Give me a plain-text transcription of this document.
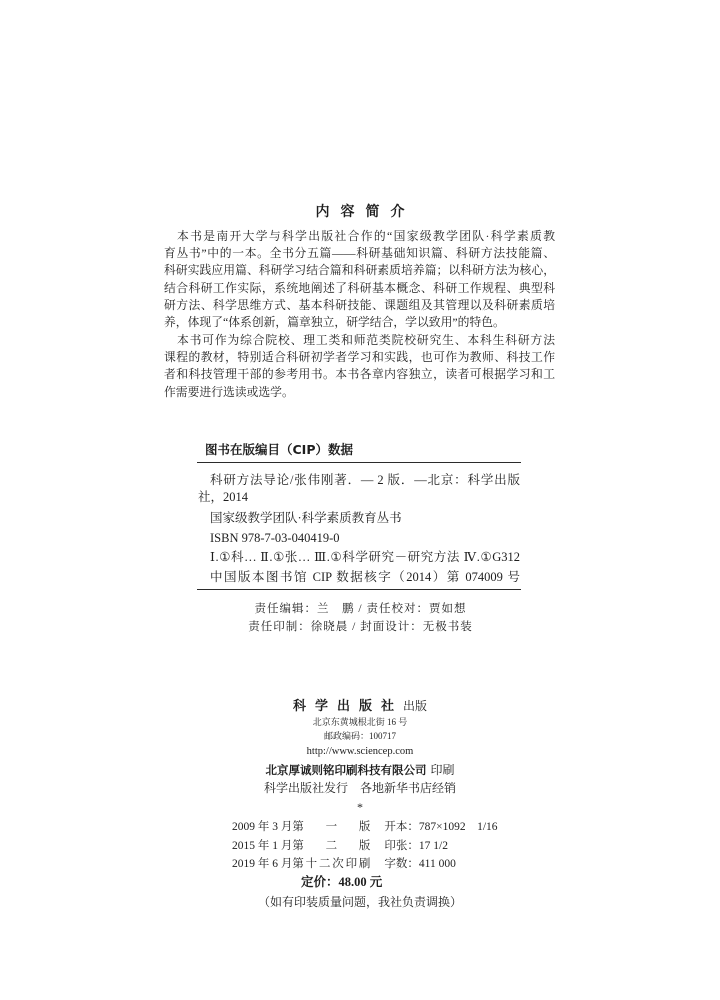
内容简介
本书是南开大学与科学出版社合作的“国家级教学团队·科学素质教
育丛书”中的一本。全书分五篇——科研基础知识篇、科研方法技能篇、
科研实践应用篇、科研学习结合篇和科研素质培养篇；以科研方法为核心，
结合科研工作实际，系统地阐述了科研基本概念、科研工作规程、典型科
研方法、科学思维方式、基本科研技能、课题组及其管理以及科研素质培
养，体现了“体系创新，篇章独立，研学结合，学以致用”的特色。
本书可作为综合院校、理工类和师范类院校研究生、本科生科研方法
课程的教材，特别适合科研初学者学习和实践，也可作为教师、科技工作
者和科技管理干部的参考用书。本书各章内容独立，读者可根据学习和工
作需要进行选读或选学。
图书在版编目（CIP）数据
科研方法导论/张伟刚著．— 2 版．—北京：科学出版
社，2014
国家级教学团队·科学素质教育丛书
ISBN 978-7-03-040419-0
Ⅰ.①科… Ⅱ.①张… Ⅲ.①科学研究－研究方法 Ⅳ.①G312
中国版本图书馆 CIP 数据核字（2014）第 074009 号
责任编辑：兰　鹏 / 责任校对：贾如想
责任印制：徐晓晨 / 封面设计：无极书装
科学出版社出版
北京东黄城根北街 16 号
邮政编码：100717
http://www.sciencep.com
北京厚诚则铭印刷科技有限公司 印刷
科学出版社发行　各地新华书店经销
*
2009 年 3 月 第 一 版 开本：787×1092　1/16
2015 年 1 月 第 二 版 印张：17 1/2
2019 年 6 月 第十二次印刷 字数：411 000
定价：48.00 元
（如有印装质量问题，我社负责调换）
